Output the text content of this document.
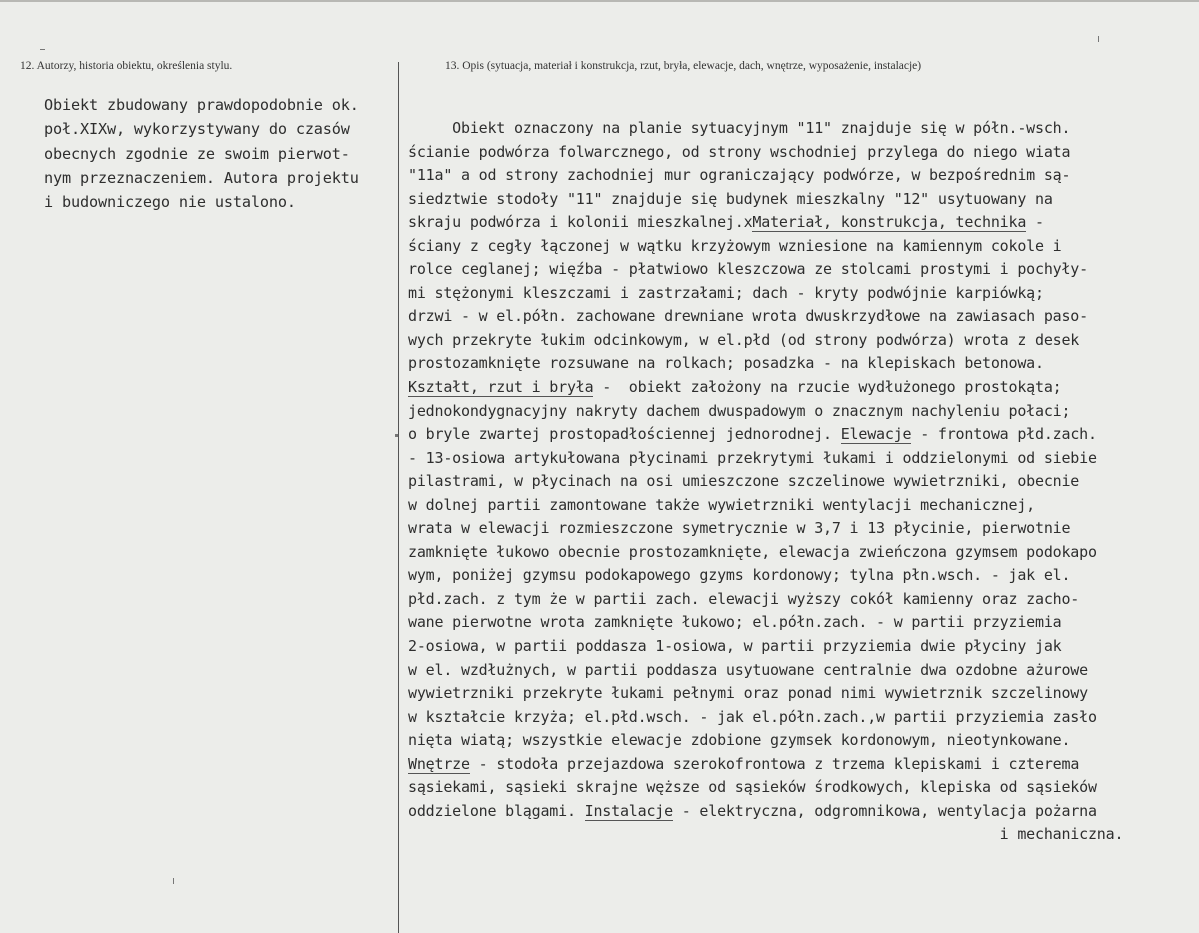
12. Autorzy, historia obiektu, określenia stylu.	13. Opis (sytuacja, materiał i konstrukcja, rzut, bryła, elewacje, dach, wnętrze, wyposażenie, instalacje)
Obiekt zbudowany prawdopodobnie ok.
poł.XIXw, wykorzystywany do czasów
obecnych zgodnie ze swoim pierwot-
nym przeznaczeniem. Autora projektu
i budowniczego nie ustalono.
Obiekt oznaczony na planie sytuacyjnym "11" znajduje się w półn.-wsch.
ścianie podwórza folwarcznego, od strony wschodniej przylega do niego wiata
"11a" a od strony zachodniej mur ograniczający podwórze, w bezpośrednim są-
siedztwie stodoły "11" znajduje się budynek mieszkalny "12" usytuowany na
skraju podwórza i kolonii mieszkalnej.xMateriał, konstrukcja, technika -
ściany z cegły łączonej w wątku krzyżowym wzniesione na kamiennym cokole i
rolce ceglanej; więźba - płatwiowo kleszczowa ze stolcami prostymi i pochyły-
mi stężonymi kleszczami i zastrzałami; dach - kryty podwójnie karpiówką;
drzwi - w el.półn. zachowane drewniane wrota dwuskrzydłowe na zawiasach paso-
wych przekryte łukim odcinkowym, w el.płd (od strony podwórza) wrota z desek
prostozamknięte rozsuwane na rolkach; posadzka - na klepiskach betonowa.
Kształt, rzut i bryła -  obiekt założony na rzucie wydłużonego prostokąta;
jednokondygnacyjny nakryty dachem dwuspadowym o znacznym nachyleniu połaci;
o bryle zwartej prostopadłościennej jednorodnej. Elewacje - frontowa płd.zach.
- 13-osiowa artykułowana płycinami przekrytymi łukami i oddzielonymi od siebie
pilastrami, w płycinach na osi umieszczone szczelinowe wywietrzniki, obecnie
w dolnej partii zamontowane także wywietrzniki wentylacji mechanicznej,
wrata w elewacji rozmieszczone symetrycznie w 3,7 i 13 płycinie, pierwotnie
zamknięte łukowo obecnie prostozamknięte, elewacja zwieńczona gzymsem podokapo
wym, poniżej gzymsu podokapowego gzyms kordonowy; tylna płn.wsch. - jak el.
płd.zach. z tym że w partii zach. elewacji wyższy cokół kamienny oraz zacho-
wane pierwotne wrota zamknięte łukowo; el.półn.zach. - w partii przyziemia
2-osiowa, w partii poddasza 1-osiowa, w partii przyziemia dwie płyciny jak
w el. wzdłużnych, w partii poddasza usytuowane centralnie dwa ozdobne ażurowe
wywietrzniki przekryte łukami pełnymi oraz ponad nimi wywietrznik szczelinowy
w kształcie krzyża; el.płd.wsch. - jak el.półn.zach.,w partii przyziemia zasło
nięta wiatą; wszystkie elewacje zdobione gzymsek kordonowym, nieotynkowane.
Wnętrze - stodoła przejazdowa szerokofrontowa z trzema klepiskami i czterema
sąsiekami, sąsieki skrajne węższe od sąsieków środkowych, klepiska od sąsieków
oddzielone blągami. Instalacje - elektryczna, odgromnikowa, wentylacja pożarna
i mechaniczna.
